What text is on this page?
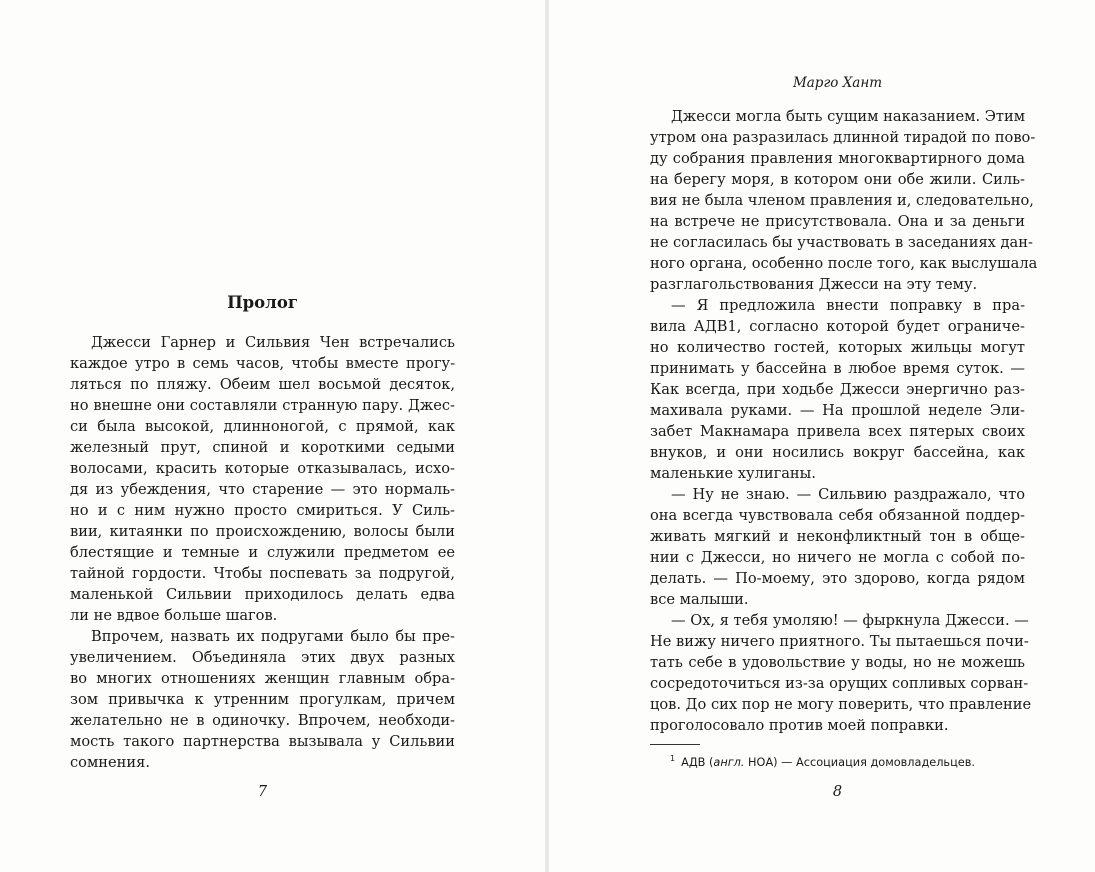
Пролог
Джесси Гарнер и Сильвия Чен встречались
каждое утро в семь часов, чтобы вместе прогу-
ляться по пляжу. Обеим шел восьмой десяток,
но внешне они составляли странную пару. Джес-
си была высокой, длинноногой, с прямой, как
железный прут, спиной и короткими седыми
волосами, красить которые отказывалась, исхо-
дя из убеждения, что старение — это нормаль-
но и с ним нужно просто смириться. У Силь-
вии, китаянки по происхождению, волосы были
блестящие и темные и служили предметом ее
тайной гордости. Чтобы поспевать за подругой,
маленькой Сильвии приходилось делать едва
ли не вдвое больше шагов.
Впрочем, назвать их подругами было бы пре-
увеличением. Объединяла этих двух разных
во многих отношениях женщин главным обра-
зом привычка к утренним прогулкам, причем
желательно не в одиночку. Впрочем, необходи-
мость такого партнерства вызывала у Сильвии
сомнения.
7
Марго Хант
Джесси могла быть сущим наказанием. Этим
утром она разразилась длинной тирадой по пово-
ду собрания правления многоквартирного дома
на берегу моря, в котором они обе жили. Силь-
вия не была членом правления и, следовательно,
на встрече не присутствовала. Она и за деньги
не согласилась бы участвовать в заседаниях дан-
ного органа, особенно после того, как выслушала
разглагольствования Джесси на эту тему.
— Я предложила внести поправку в пра-
вила АДВ1, согласно которой будет ограниче-
но количество гостей, которых жильцы могут
принимать у бассейна в любое время суток. —
Как всегда, при ходьбе Джесси энергично раз-
махивала руками. — На прошлой неделе Эли-
забет Макнамара привела всех пятерых своих
внуков, и они носились вокруг бассейна, как
маленькие хулиганы.
— Ну не знаю. — Сильвию раздражало, что
она всегда чувствовала себя обязанной поддер-
живать мягкий и неконфликтный тон в обще-
нии с Джесси, но ничего не могла с собой по-
делать. — По-моему, это здорово, когда рядом
все малыши.
— Ох, я тебя умоляю! — фыркнула Джесси. —
Не вижу ничего приятного. Ты пытаешься почи-
тать себе в удовольствие у воды, но не можешь
сосредоточиться из-за орущих сопливых сорван-
цов. До сих пор не могу поверить, что правление
проголосовало против моей поправки.
$^1$ АДВ (англ. НОА) — Ассоциация домовладельцев.
8
